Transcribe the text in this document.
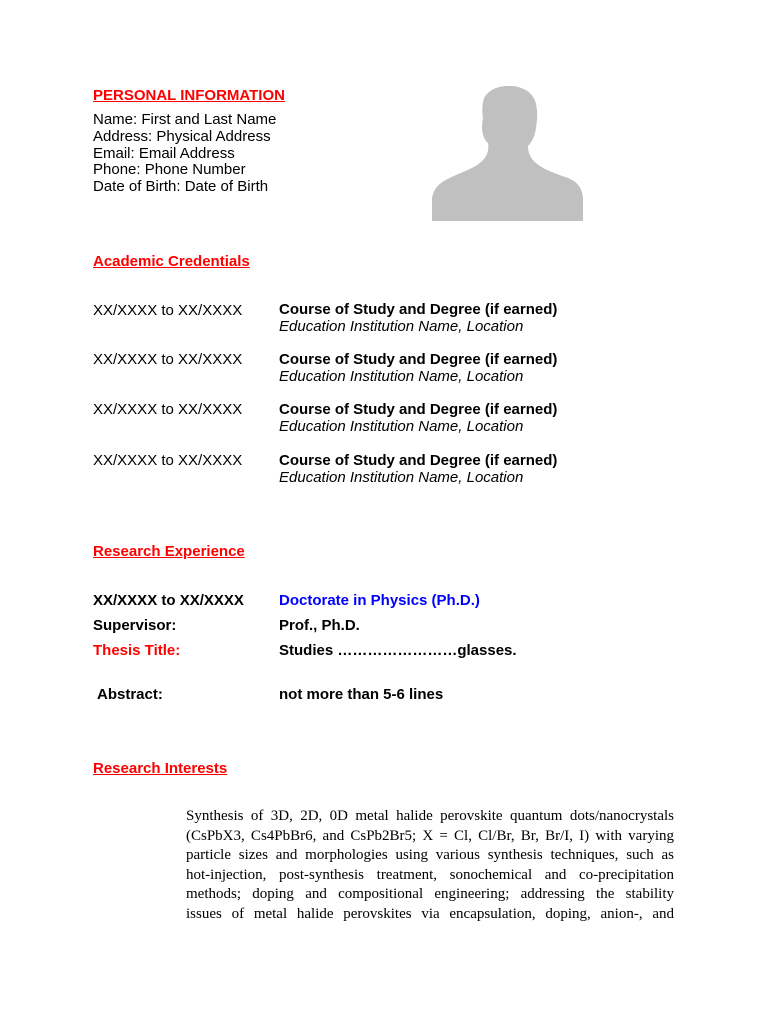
PERSONAL INFORMATION
Name: First and Last Name
Address: Physical Address
Email: Email Address
Phone: Phone Number
Date of Birth: Date of Birth
Academic Credentials
XX/XXXX to XX/XXXX Course of Study and Degree (if earned)
Education Institution Name, Location
XX/XXXX to XX/XXXX Course of Study and Degree (if earned)
Education Institution Name, Location
XX/XXXX to XX/XXXX Course of Study and Degree (if earned)
Education Institution Name, Location
XX/XXXX to XX/XXXX Course of Study and Degree (if earned)
Education Institution Name, Location
Research Experience
XX/XXXX to XX/XXXX Doctorate in Physics (Ph.D.)
Supervisor:	Prof., Ph.D.
Thesis Title:	Studies ……………………glasses.
Abstract:	not more than 5-6 lines
Research Interests
Synthesis of 3D, 2D, 0D metal halide perovskite quantum dots/nanocrystals
(CsPbX3, Cs4PbBr6, and CsPb2Br5; X = Cl, Cl/Br, Br, Br/I, I) with varying
particle sizes and morphologies using various synthesis techniques, such as
hot-injection, post-synthesis treatment, sonochemical and co-precipitation
methods; doping and compositional engineering; addressing the stability
issues of metal halide perovskites via encapsulation, doping, anion-, and
